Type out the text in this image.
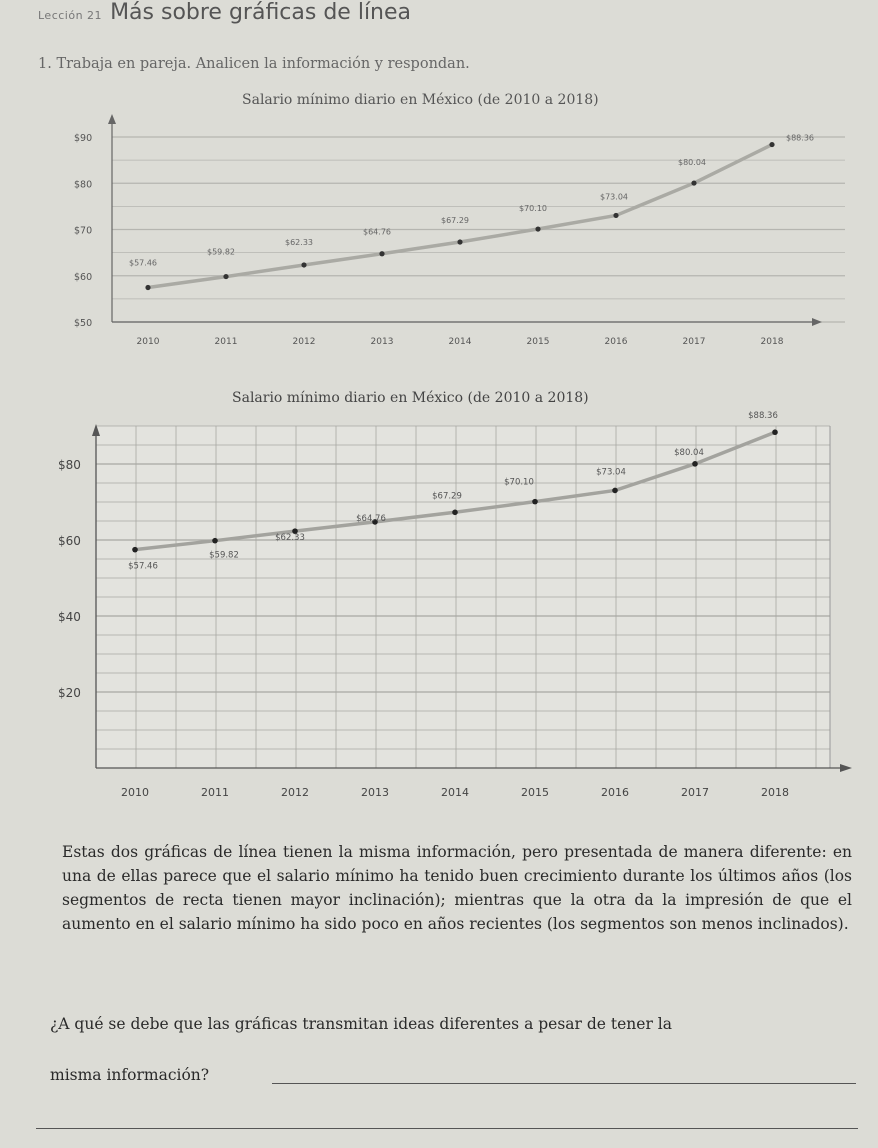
Lección 21 Más sobre gráficas de línea
1. Trabaja en pareja. Analicen la información y respondan.
Salario mínimo diario en México (de 2010 a 2018)
Salario mínimo diario en México (de 2010 a 2018)
$50
$60
$70
$80
$90
2010	2011	2012	2013	2014	2015	2016	2017	2018
$57.46
$59.82
$62.33
$64.76
$67.29
$70.10
$73.04
$80.04
$88.36
$20
$40
$60
$80
2010	2011	2012	2013	2014	2015	2016	2017	2018
$57.46
$59.82
$62.33
$64.76
$67.29
$70.10
$73.04
$80.04
$88.36
Estas dos gráficas de línea tienen la misma información, pero presentada de manera diferente: en una de ellas parece que el salario mínimo ha tenido buen crecimiento durante los últimos años (los segmentos de recta tienen mayor inclinación); mientras que la otra da la impresión de que el aumento en el salario mínimo ha sido poco en años recientes (los segmentos son menos inclinados).
¿A qué se debe que las gráficas transmitan ideas diferentes a pesar de tener la
misma información?
